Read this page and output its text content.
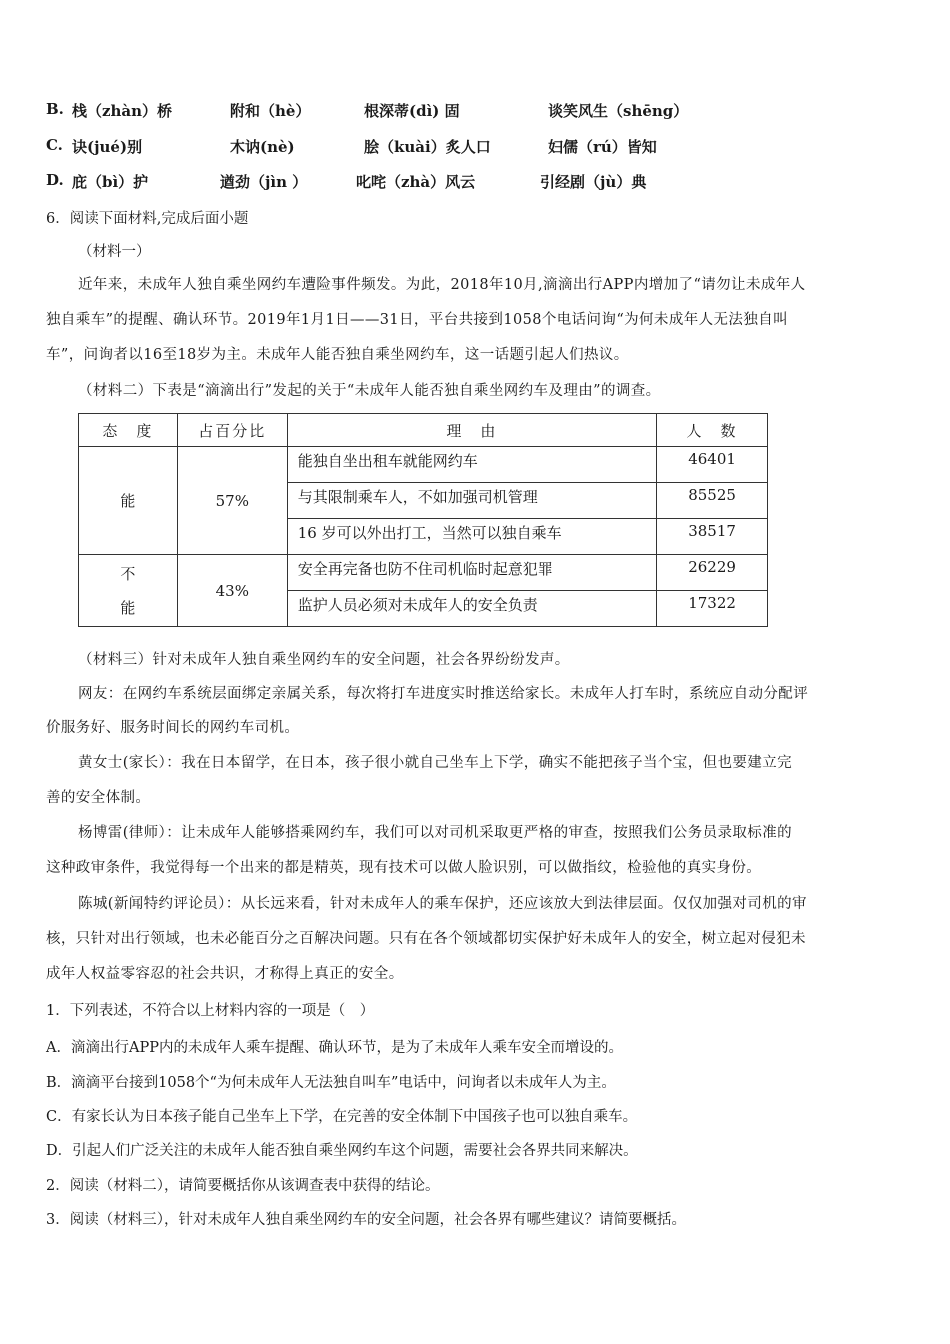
B. 栈（zhàn）桥	附和（hè）	根深蒂(dì) 固	谈笑风生（shēng）
C. 诀(jué)别	木讷(nè)	脍（kuài）炙人口	妇儒（rú）皆知
D. 庇（bì）护	遒劲（jìn ）	叱咤（zhà）风云	引经剧（jù）典
6．阅读下面材料,完成后面小题
（材料一）
近年来，未成年人独自乘坐网约车遭险事件频发。为此，2018年10月,滴滴出行APP内增加了“请勿让未成年人
独自乘车”的提醒、确认环节。2019年1月1日——31日，平台共接到1058个电话问询“为何未成年人无法独自叫
车”，问询者以16至18岁为主。未成年人能否独自乘坐网约车，这一话题引起人们热议。
（材料二）下表是“滴滴出行”发起的关于“未成年人能否独自乘坐网约车及理由”的调查。
态　度	占百分比	理　由	人　数
能	57%	能独自坐出租车就能网约车	46401
		与其限制乘车人，不如加强司机管理	85525
		16 岁可以外出打工，当然可以独自乘车	38517

不
能	43%	安全再完备也防不住司机临时起意犯罪	26229
		监护人员必须对未成年人的安全负责	17322
（材料三）针对未成年人独自乘坐网约车的安全问题，社会各界纷纷发声。
网友：在网约车系统层面绑定亲属关系，每次将打车进度实时推送给家长。未成年人打车时，系统应自动分配评
价服务好、服务时间长的网约车司机。
黄女士(家长）：我在日本留学，在日本，孩子很小就自己坐车上下学，确实不能把孩子当个宝，但也要建立完
善的安全体制。
杨博雷(律师）：让未成年人能够搭乘网约车，我们可以对司机采取更严格的审查，按照我们公务员录取标准的
这种政审条件，我觉得每一个出来的都是精英，现有技术可以做人脸识别，可以做指纹，检验他的真实身份。
陈城(新闻特约评论员）：从长远来看，针对未成年人的乘车保护，还应该放大到法律层面。仅仅加强对司机的审
核，只针对出行领域，也未必能百分之百解决问题。只有在各个领域都切实保护好未成年人的安全，树立起对侵犯未
成年人权益零容忍的社会共识，才称得上真正的安全。
1．下列表述，不符合以上材料内容的一项是（　）
A．滴滴出行APP内的未成年人乘车提醒、确认环节，是为了未成年人乘车安全而增设的。
B．滴滴平台接到1058个“为何未成年人无法独自叫车”电话中，问询者以未成年人为主。
C．有家长认为日本孩子能自己坐车上下学，在完善的安全体制下中国孩子也可以独自乘车。
D．引起人们广泛关注的未成年人能否独自乘坐网约车这个问题，需要社会各界共同来解决。
2．阅读（材料二），请简要概括你从该调查表中获得的结论。
3．阅读（材料三），针对未成年人独自乘坐网约车的安全问题，社会各界有哪些建议？请简要概括。
